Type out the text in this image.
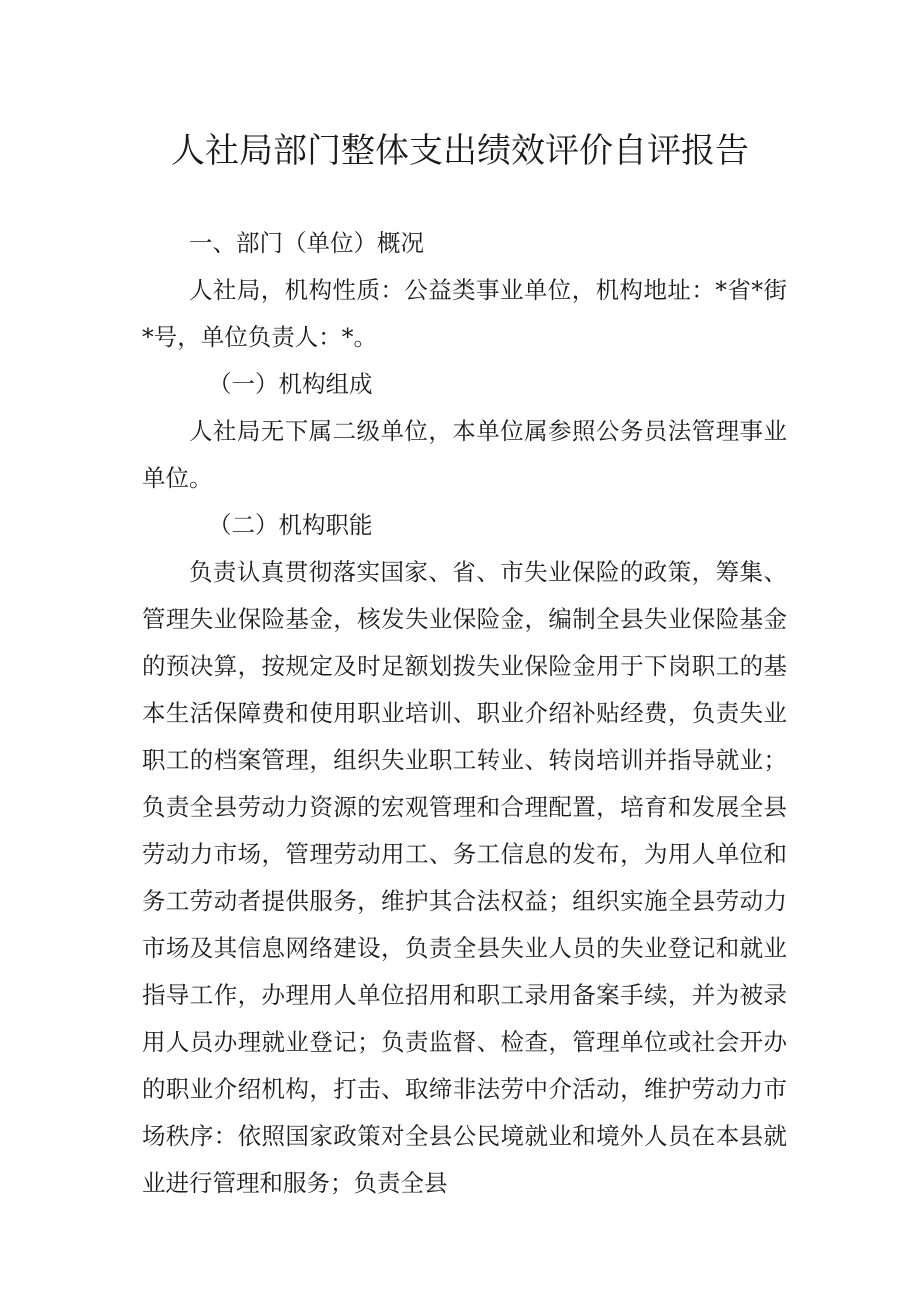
人社局部门整体支出绩效评价自评报告

一、部门（单位）概况

人社局，机构性质：公益类事业单位，机构地址：*省*街*号，单位负责人：*。

（一）机构组成

人社局无下属二级单位，本单位属参照公务员法管理事业单位。

（二）机构职能

负责认真贯彻落实国家、省、市失业保险的政策，筹集、管理失业保险基金，核发失业保险金，编制全县失业保险基金的预决算，按规定及时足额划拨失业保险金用于下岗职工的基本生活保障费和使用职业培训、职业介绍补贴经费，负责失业职工的档案管理，组织失业职工转业、转岗培训并指导就业；负责全县劳动力资源的宏观管理和合理配置，培育和发展全县劳动力市场，管理劳动用工、务工信息的发布，为用人单位和务工劳动者提供服务，维护其合法权益；组织实施全县劳动力市场及其信息网络建设，负责全县失业人员的失业登记和就业指导工作，办理用人单位招用和职工录用备案手续，并为被录用人员办理就业登记；负责监督、检查，管理单位或社会开办的职业介绍机构，打击、取缔非法劳中介活动，维护劳动力市场秩序：依照国家政策对全县公民境就业和境外人员在本县就业进行管理和服务；负责全县
